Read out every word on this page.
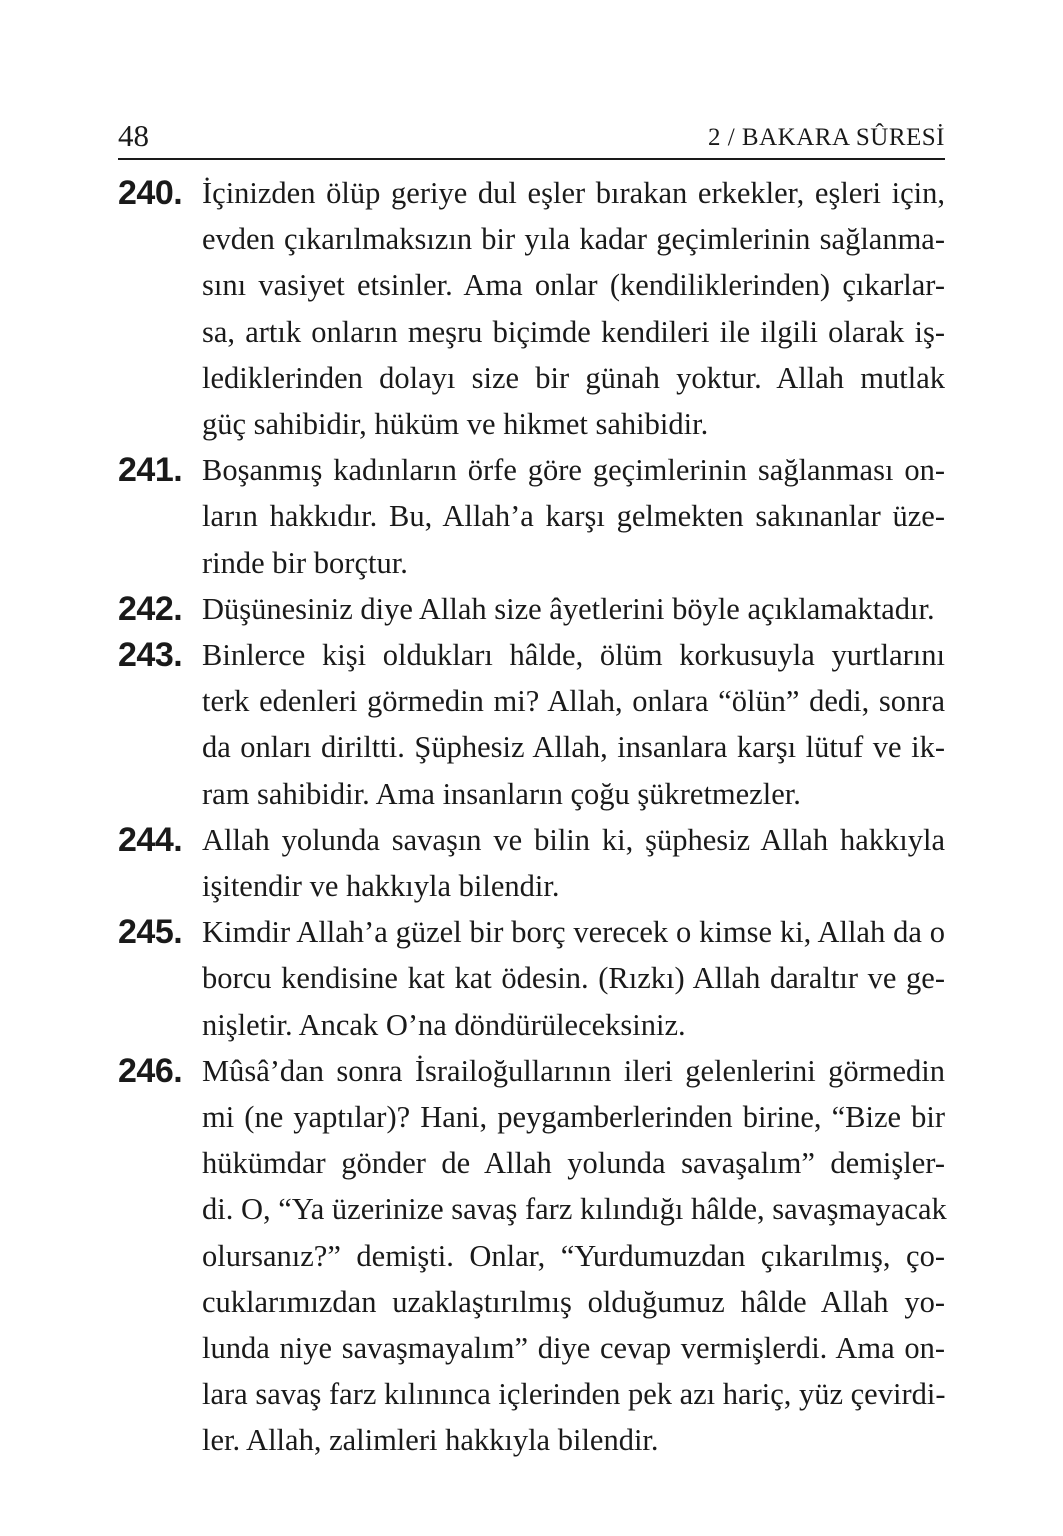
48	2 / BAKARA SÛRESİ
240. İçinizden ölüp geriye dul eşler bırakan erkekler, eşleri için,
evden çıkarılmaksızın bir yıla kadar geçimlerinin sağlanma-
sını vasiyet etsinler. Ama onlar (kendiliklerinden) çıkarlar-
sa, artık onların meşru biçimde kendileri ile ilgili olarak iş-
lediklerinden dolayı size bir günah yoktur. Allah mutlak
güç sahibidir, hüküm ve hikmet sahibidir.
241. Boşanmış kadınların örfe göre geçimlerinin sağlanması on-
ların hakkıdır. Bu, Allah’a karşı gelmekten sakınanlar üze-
rinde bir borçtur.
242. Düşünesiniz diye Allah size âyetlerini böyle açıklamaktadır.
243. Binlerce kişi oldukları hâlde, ölüm korkusuyla yurtlarını
terk edenleri görmedin mi? Allah, onlara “ölün” dedi, sonra
da onları diriltti. Şüphesiz Allah, insanlara karşı lütuf ve ik-
ram sahibidir. Ama insanların çoğu şükretmezler.
244. Allah yolunda savaşın ve bilin ki, şüphesiz Allah hakkıyla
işitendir ve hakkıyla bilendir.
245. Kimdir Allah’a güzel bir borç verecek o kimse ki, Allah da o
borcu kendisine kat kat ödesin. (Rızkı) Allah daraltır ve ge-
nişletir. Ancak O’na döndürüleceksiniz.
246. Mûsâ’dan sonra İsrailoğullarının ileri gelenlerini görmedin
mi (ne yaptılar)? Hani, peygamberlerinden birine, “Bize bir
hükümdar gönder de Allah yolunda savaşalım” demişler-
di. O, “Ya üzerinize savaş farz kılındığı hâlde, savaşmayacak
olursanız?” demişti. Onlar, “Yurdumuzdan çıkarılmış, ço-
cuklarımızdan uzaklaştırılmış olduğumuz hâlde Allah yo-
lunda niye savaşmayalım” diye cevap vermişlerdi. Ama on-
lara savaş farz kılınınca içlerinden pek azı hariç, yüz çevirdi-
ler. Allah, zalimleri hakkıyla bilendir.
